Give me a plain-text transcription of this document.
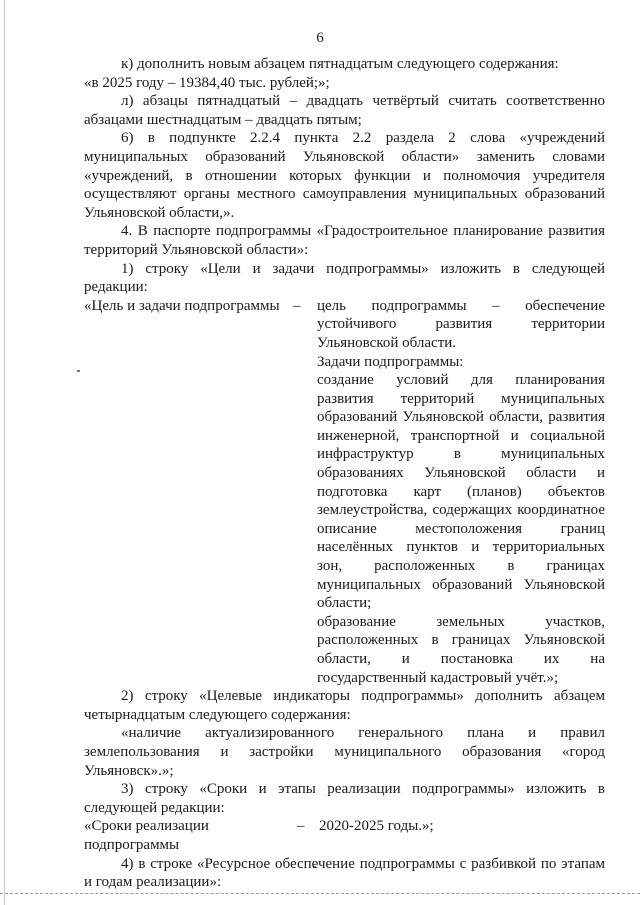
6

к) дополнить новым абзацем пятнадцатым следующего содержания:

«в 2025 году – 19384,40 тыс. рублей;»;

л) абзацы пятнадцатый – двадцать четвёртый считать соответственно абзацами шестнадцатым – двадцать пятым;

6) в подпункте 2.2.4 пункта 2.2 раздела 2 слова «учреждений муниципальных образований Ульяновской области» заменить словами «учреждений, в отношении которых функции и полномочия учредителя осуществляют органы местного самоуправления муниципальных образований Ульяновской области,».

4. В паспорте подпрограммы «Градостроительное планирование развития территорий Ульяновской области»:

1) строку «Цели и задачи подпрограммы» изложить в следующей редакции:

«Цель и задачи подпрограммы –	цель подпрограммы – обеспечение устойчивого развития территории Ульяновской области.

Задачи подпрограммы:

создание условий для планирования развития территорий муниципальных образований Ульяновской области, развития инженерной, транспортной и социальной инфраструктур в муниципальных образованиях Ульяновской области и подготовка карт (планов) объектов землеустройства, содержащих координатное описание местоположения границ населённых пунктов и территориальных зон, расположенных в границах муниципальных образований Ульяновской области;

образование земельных участков, расположенных в границах Ульяновской области, и постановка их на государственный кадастровый учёт.»;

2) строку «Целевые индикаторы подпрограммы» дополнить абзацем четырнадцатым следующего содержания:

«наличие актуализированного генерального плана и правил землепользования и застройки муниципального образования «город Ульяновск».»;

3) строку «Сроки и этапы реализации подпрограммы» изложить в следующей редакции:

«Сроки реализации	– 2020-2025 годы.»;

подпрограммы

4) в строке «Ресурсное обеспечение подпрограммы с разбивкой по этапам и годам реализации»:
